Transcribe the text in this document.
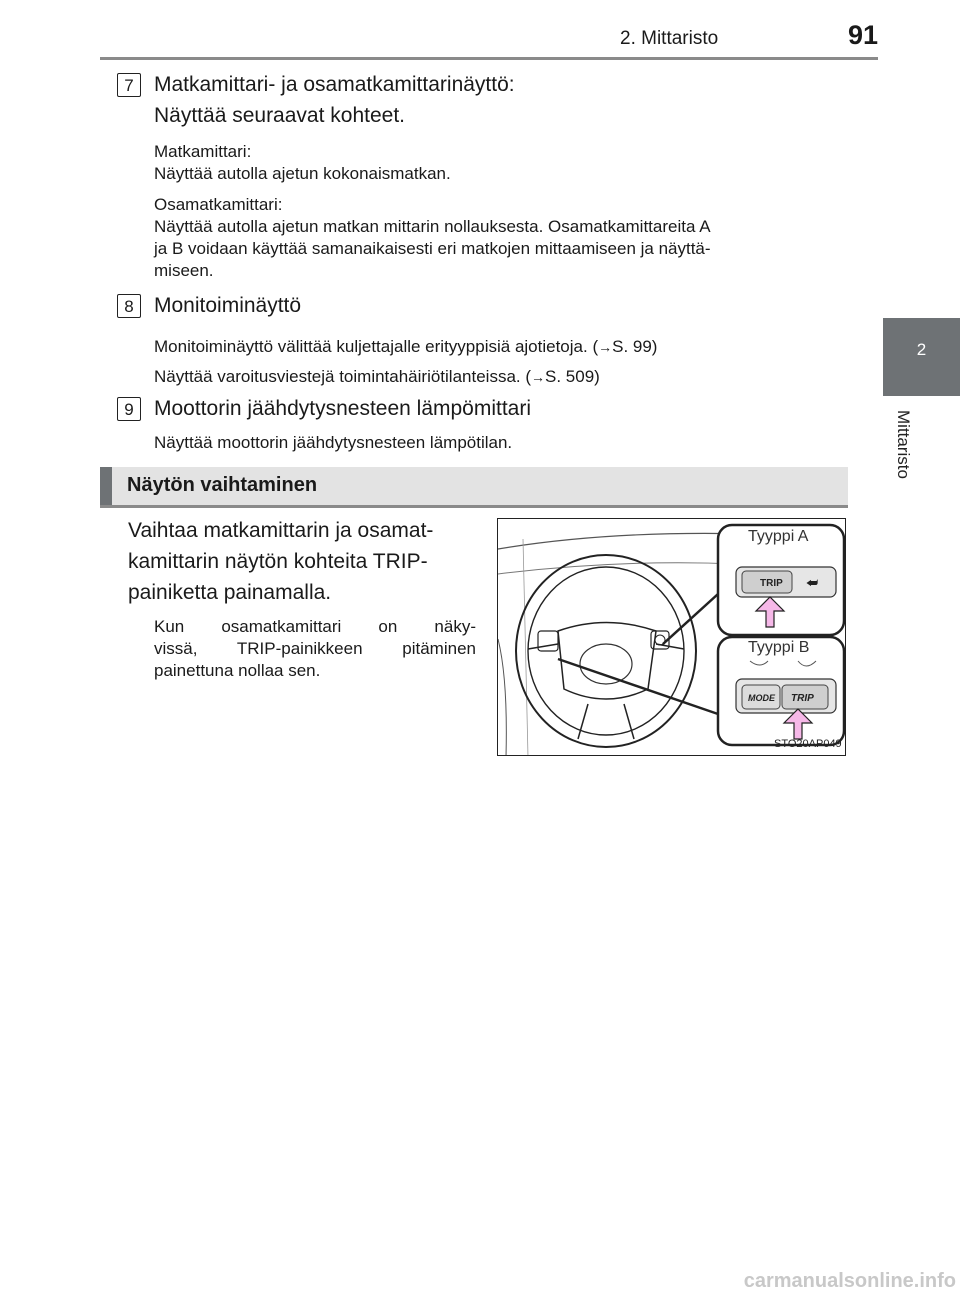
2. Mittaristo	91
2
Mittaristo
7 Matkamittari- ja osamatkamittarinäyttö:
Näyttää seuraavat kohteet.
Matkamittari:
Näyttää autolla ajetun kokonaismatkan.
Osamatkamittari:
Näyttää autolla ajetun matkan mittarin nollauksesta. Osamatkamittareita A
ja B voidaan käyttää samanaikaisesti eri matkojen mittaamiseen ja näyttä-
miseen.
8 Monitoiminäyttö
Monitoiminäyttö välittää kuljettajalle erityyppisiä ajotietoja. (→S. 99)
Näyttää varoitusviestejä toimintahäiriötilanteissa. (→S. 509)
9 Moottorin jäähdytysnesteen lämpömittari
Näyttää moottorin jäähdytysnesteen lämpötilan.
Näytön vaihtaminen
Vaihtaa matkamittarin ja osamat-
kamittarin näytön kohteita TRIP-
painiketta painamalla.
Kun osamatkamittari on näky-
vissä, TRIP-painikkeen pitäminen
painettuna nollaa sen.
TRIP ⮨
MODE TRIP
Tyyppi A
Tyyppi B
STO20AP049
carmanualsonline.info
